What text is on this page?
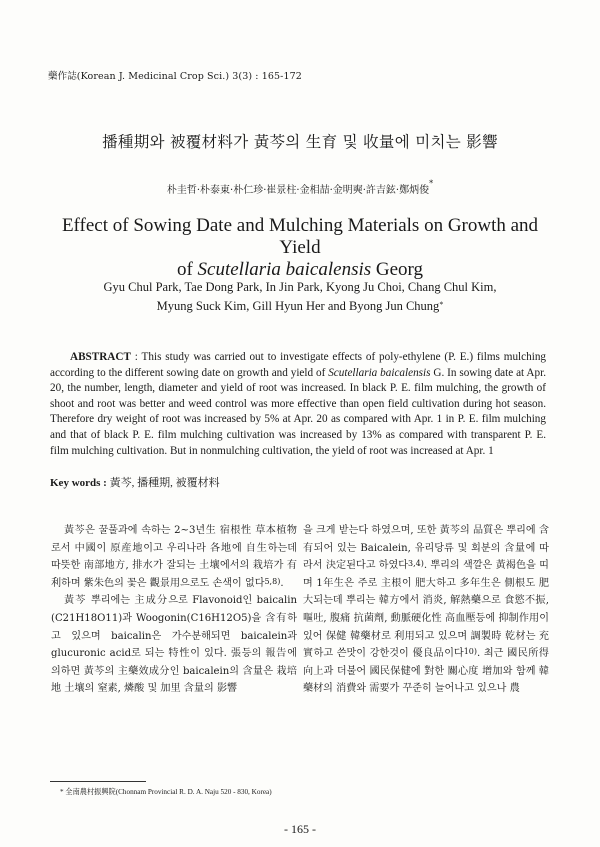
藥作誌(Korean J. Medicinal Crop Sci.) 3(3) : 165-172
播種期와 被覆材料가 黃芩의 生育 및 收量에 미치는 影響
朴圭哲·朴泰東·朴仁珍·崔景柱·金相喆·金明奭·許吉鉉·鄭炳俊*
Effect of Sowing Date and Mulching Materials on Growth and Yield
of Scutellaria baicalensis Georg
Gyu Chul Park, Tae Dong Park, In Jin Park, Kyong Ju Choi, Chang Chul Kim,
Myung Suck Kim, Gill Hyun Her and Byong Jun Chung*
ABSTRACT : This study was carried out to investigate effects of poly-ethylene (P. E.) films mulching according to the different sowing date on growth and yield of Scutellaria baicalensis G. In sowing date at Apr. 20, the number, length, diameter and yield of root was increased. In black P. E. film mulching, the growth of shoot and root was better and weed control was more effective than open field cultivation during hot season. Therefore dry weight of root was increased by 5% at Apr. 20 as compared with Apr. 1 in P. E. film mulching and that of black P. E. film mulching cultivation was increased by 13% as compared with transparent P. E. film mulching cultivation. But in nonmulching cultivation, the yield of root was increased at Apr. 1
Key words : 黃芩, 播種期, 被覆材料

黃芩은 꿀풀과에 속하는 2~3년生 宿根性 草本植物로서 中國이 原産地이고 우리나라 各地에 自生하는데 따뜻한 南部地方, 排水가 잘되는 土壤에서의 栽培가 有利하며 紫朱色의 꽃은 觀景用으로도 손색이 없다$^{5,8)}$.

黃芩 뿌리에는 主成分으로 Flavonoid인 baicalin (C21H18O11)과 Woogonin(C16H12O5)을 含有하고 있으며 baicalin은 가수분해되면 baicalein과 glucuronic acid로 되는 特性이 있다. 張등의 報告에 의하면 黃芩의 主藥效成分인 baicalein의 含量은 栽培地 土壤의 窒素, 燐酸 및 加里 含量의 影響

을 크게 받는다 하였으며, 또한 黃芩의 品質은 뿌리에 含有되어 있는 Baicalein, 유리당류 및 회분의 含量에 따라서 決定된다고 하였다$^{3,4)}$. 뿌리의 색깔은 黃褐色을 띠며 1年生은 주로 主根이 肥大하고 多年生은 側根도 肥大되는데 뿌리는 韓方에서 消炎, 解熱藥으로 食慾不振, 嘔吐, 腹痛 抗菌劑, 動脈硬化性 高血壓등에 抑制作用이 있어 保健 韓藥材로 利用되고 있으며 調製時 乾材는 充實하고 쓴맛이 강한것이 優良品이다$^{10)}$. 최근 國民所得 向上과 더불어 國民保健에 對한 關心度 增加와 함께 韓藥材의 消費와 需要가 꾸준히 늘어나고 있으나 農

* 全南農村振興院(Chonnam Provincial R. D. A. Naju 520 - 830, Korea)
- 165 -
